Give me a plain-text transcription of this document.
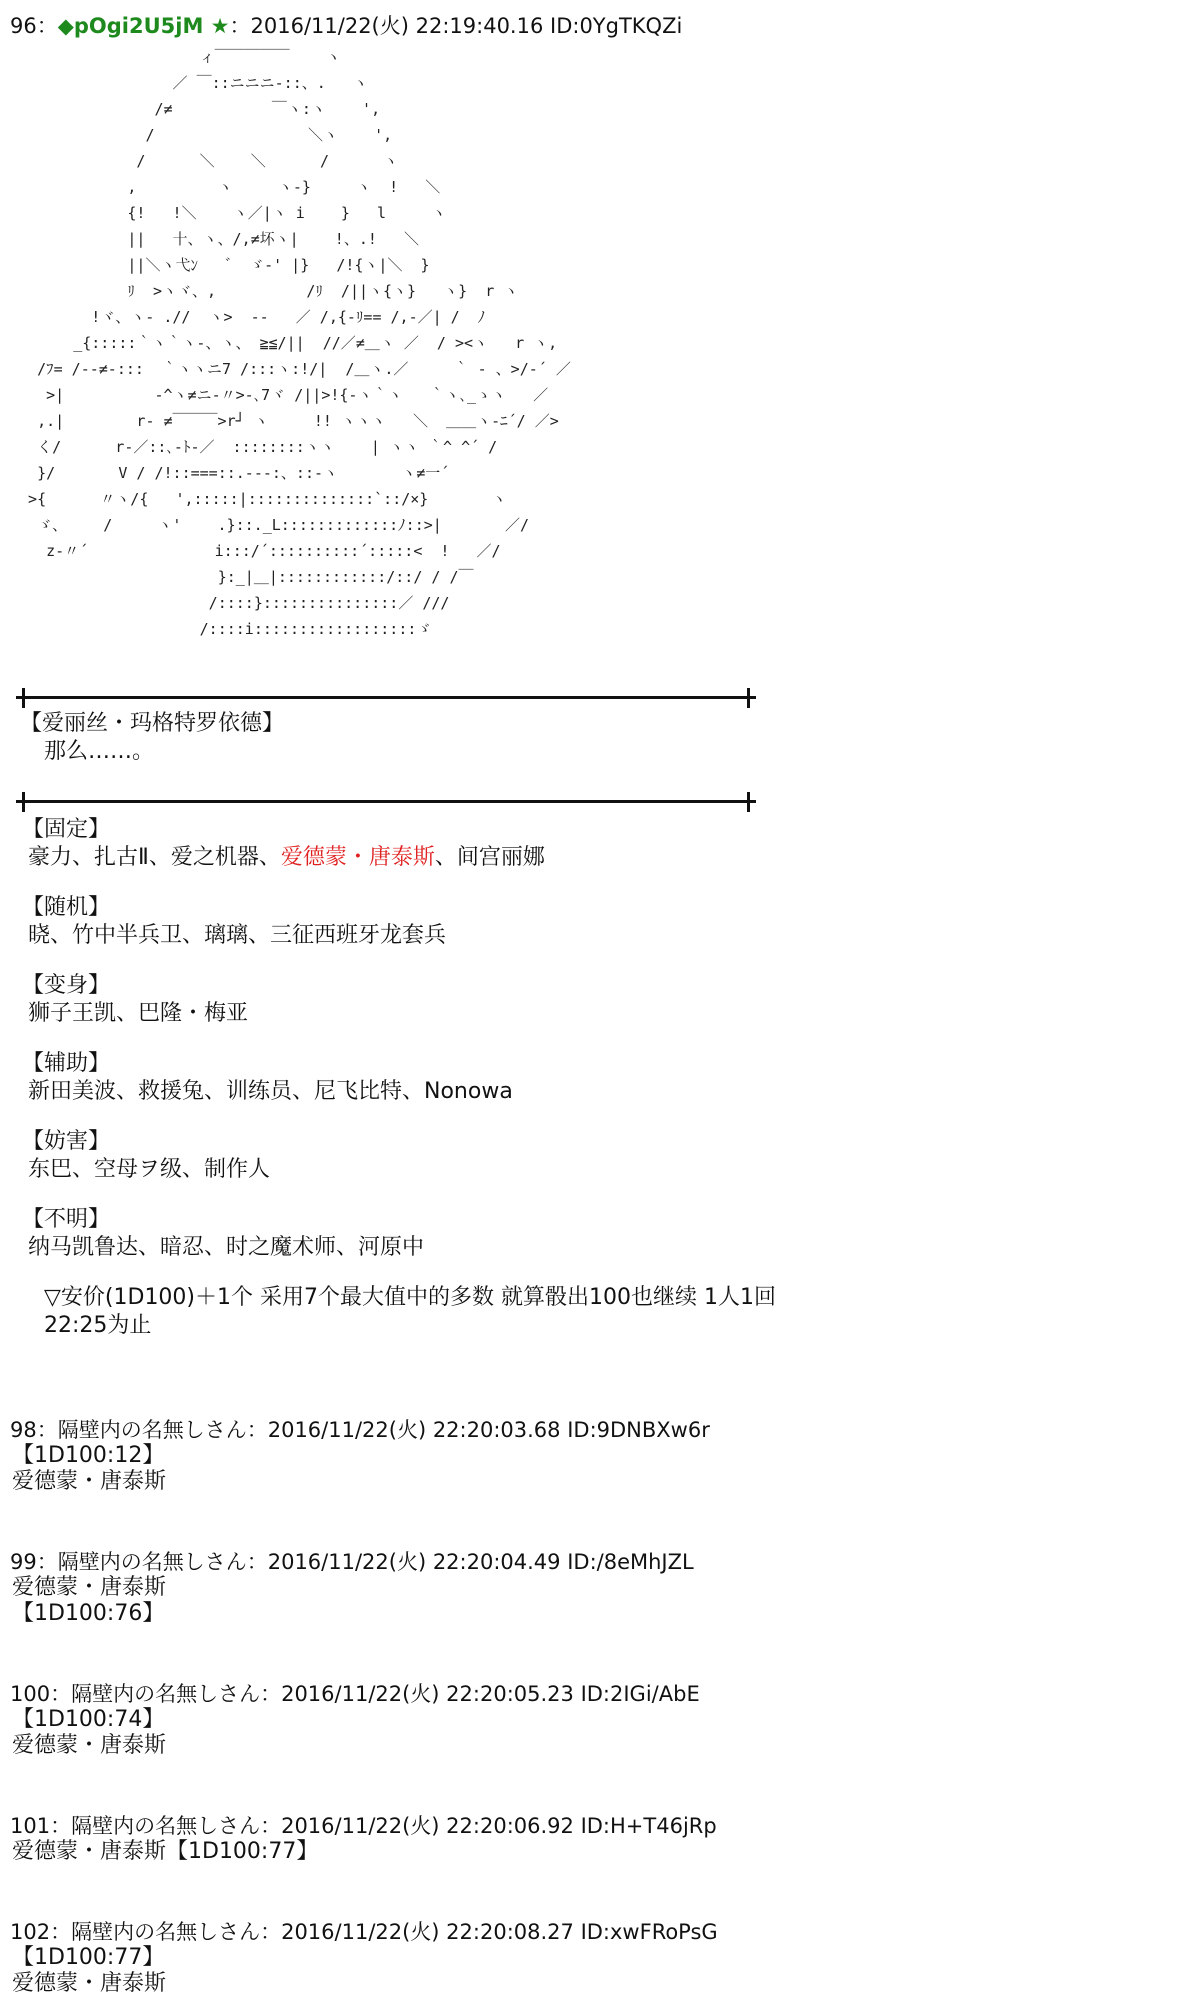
96：◆pOgi2U5jM ★：2016/11/22(火) 22:19:40.16 ID:0YgTKQZi
ィ￣￣￣￣￣    ヽ
／ ￣::ニニニ-::、.   ヽ
/≠           ￣ヽ:ヽ    ',
/                 ＼ヽ    ',
/      ＼    ＼      /      ヽ
,         ヽ     ヽ-}     ヽ  !   ＼
{!   !＼    ヽ／|ヽ i    }   l     ヽ
||   十、ヽ、/,≠坏ヽ|    !、.!   ＼
||＼ヽ弋ﾝ   ゛ ゞ-' |}   /!{ヽ|＼  }
ﾘ  >ヽヾ、,          /ﾘ  /||ヽ{ヽ}   ヽ}  r ヽ
!ヾ、ヽ- .//  ヽ>  -‐   ／ /,{-ﾘ== /,-／| /  ﾉ
_{:::::｀ヽ｀ヽ-、ヽ、 ≧≦/||  //／≠＿ヽ ／  / ><ヽ   r ヽ,
/ﾌ= /--≠-:::  ｀ヽヽニ7 /:::ヽ:!/|  /＿ヽ.／     ｀ ‐ 、>/-´ ／
>|          -^ヽ≠ニ-〃>-､7ヾ /||>!{-ヽ｀ヽ   ｀ヽ､_ゝヽ   ／
,.|        r- ≠￣￣￣>r┘ ヽ     !! ヽヽヽ   ＼  ＿＿ヽ-ﾆ´/ ／>
く/      r-／::､-ﾄ-／  ::::::::ヽヽ    | ヽヽ ｀^ ^´ /
}/       V / /!::===::.---:、::-ヽ       ヽ≠一´
>{      〃ヽ/{   ',:::::|::::::::::::::`::/×}       ヽ
ゞ、    /     ヽ'    .}::._L:::::::::::::ﾉ::>|       ／/
z-〃´              i:::/´::::::::::´:::::<  !   ／/
}:_|＿|::::::::::::/::/ / /￣
/::::}:::::::::::::::／ ///
/::::i::::::::::::::::::ゞ
【爱丽丝・玛格特罗依德】
那么……。
【固定】
豪力、扎古Ⅱ、爱之机器、爱德蒙・唐泰斯、间宫丽娜
【随机】
晓、竹中半兵卫、璃璃、三征西班牙龙套兵
【变身】
狮子王凯、巴隆・梅亚
【辅助】
新田美波、救援兔、训练员、尼飞比特、Nonowa
【妨害】
东巴、空母ヲ级、制作人
【不明】
纳马凯鲁达、暗忍、时之魔术师、河原中
▽安价(1D100)＋1个 采用7个最大值中的多数 就算骰出100也继续 1人1回
22:25为止
98：隔壁内の名無しさん：2016/11/22(火) 22:20:03.68 ID:9DNBXw6r
【1D100:12】
爱德蒙・唐泰斯
99：隔壁内の名無しさん：2016/11/22(火) 22:20:04.49 ID:/8eMhJZL
爱德蒙・唐泰斯
【1D100:76】
100：隔壁内の名無しさん：2016/11/22(火) 22:20:05.23 ID:2IGi/AbE
【1D100:74】
爱德蒙・唐泰斯
101：隔壁内の名無しさん：2016/11/22(火) 22:20:06.92 ID:H+T46jRp
爱德蒙・唐泰斯【1D100:77】
102：隔壁内の名無しさん：2016/11/22(火) 22:20:08.27 ID:xwFRoPsG
【1D100:77】
爱德蒙・唐泰斯
